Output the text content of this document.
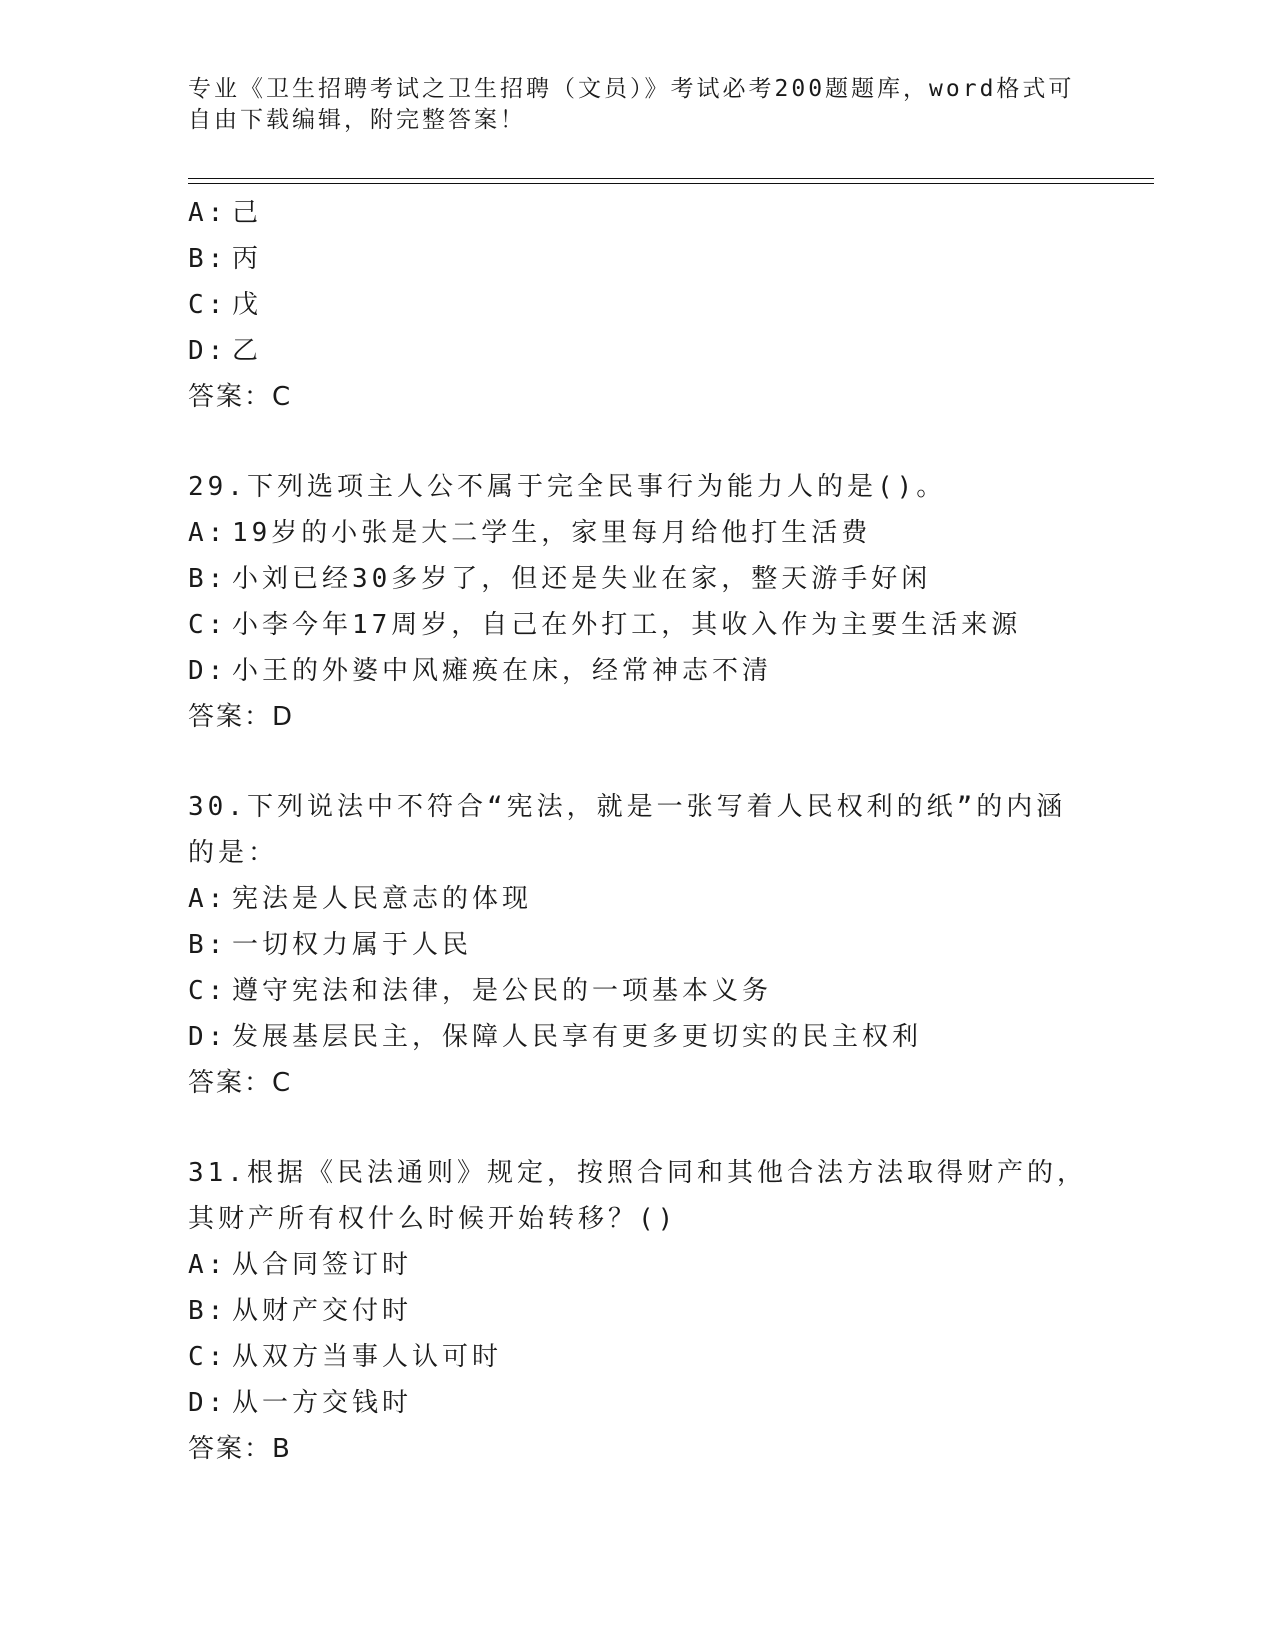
专业《卫生招聘考试之卫生招聘（文员）》考试必考200题题库，word格式可自由下载编辑，附完整答案！
A: 己
B: 丙
C: 戊
D: 乙
答案：C
29.下列选项主人公不属于完全民事行为能力人的是()。
A: 19岁的小张是大二学生，家里每月给他打生活费
B: 小刘已经30多岁了，但还是失业在家，整天游手好闲
C: 小李今年17周岁，自己在外打工，其收入作为主要生活来源
D: 小王的外婆中风瘫痪在床，经常神志不清
答案：D
30.下列说法中不符合“宪法，就是一张写着人民权利的纸”的内涵的是：
A: 宪法是人民意志的体现
B: 一切权力属于人民
C: 遵守宪法和法律，是公民的一项基本义务
D: 发展基层民主，保障人民享有更多更切实的民主权利
答案：C
31.根据《民法通则》规定，按照合同和其他合法方法取得财产的，其财产所有权什么时候开始转移？()
A: 从合同签订时
B: 从财产交付时
C: 从双方当事人认可时
D: 从一方交钱时
答案：B
